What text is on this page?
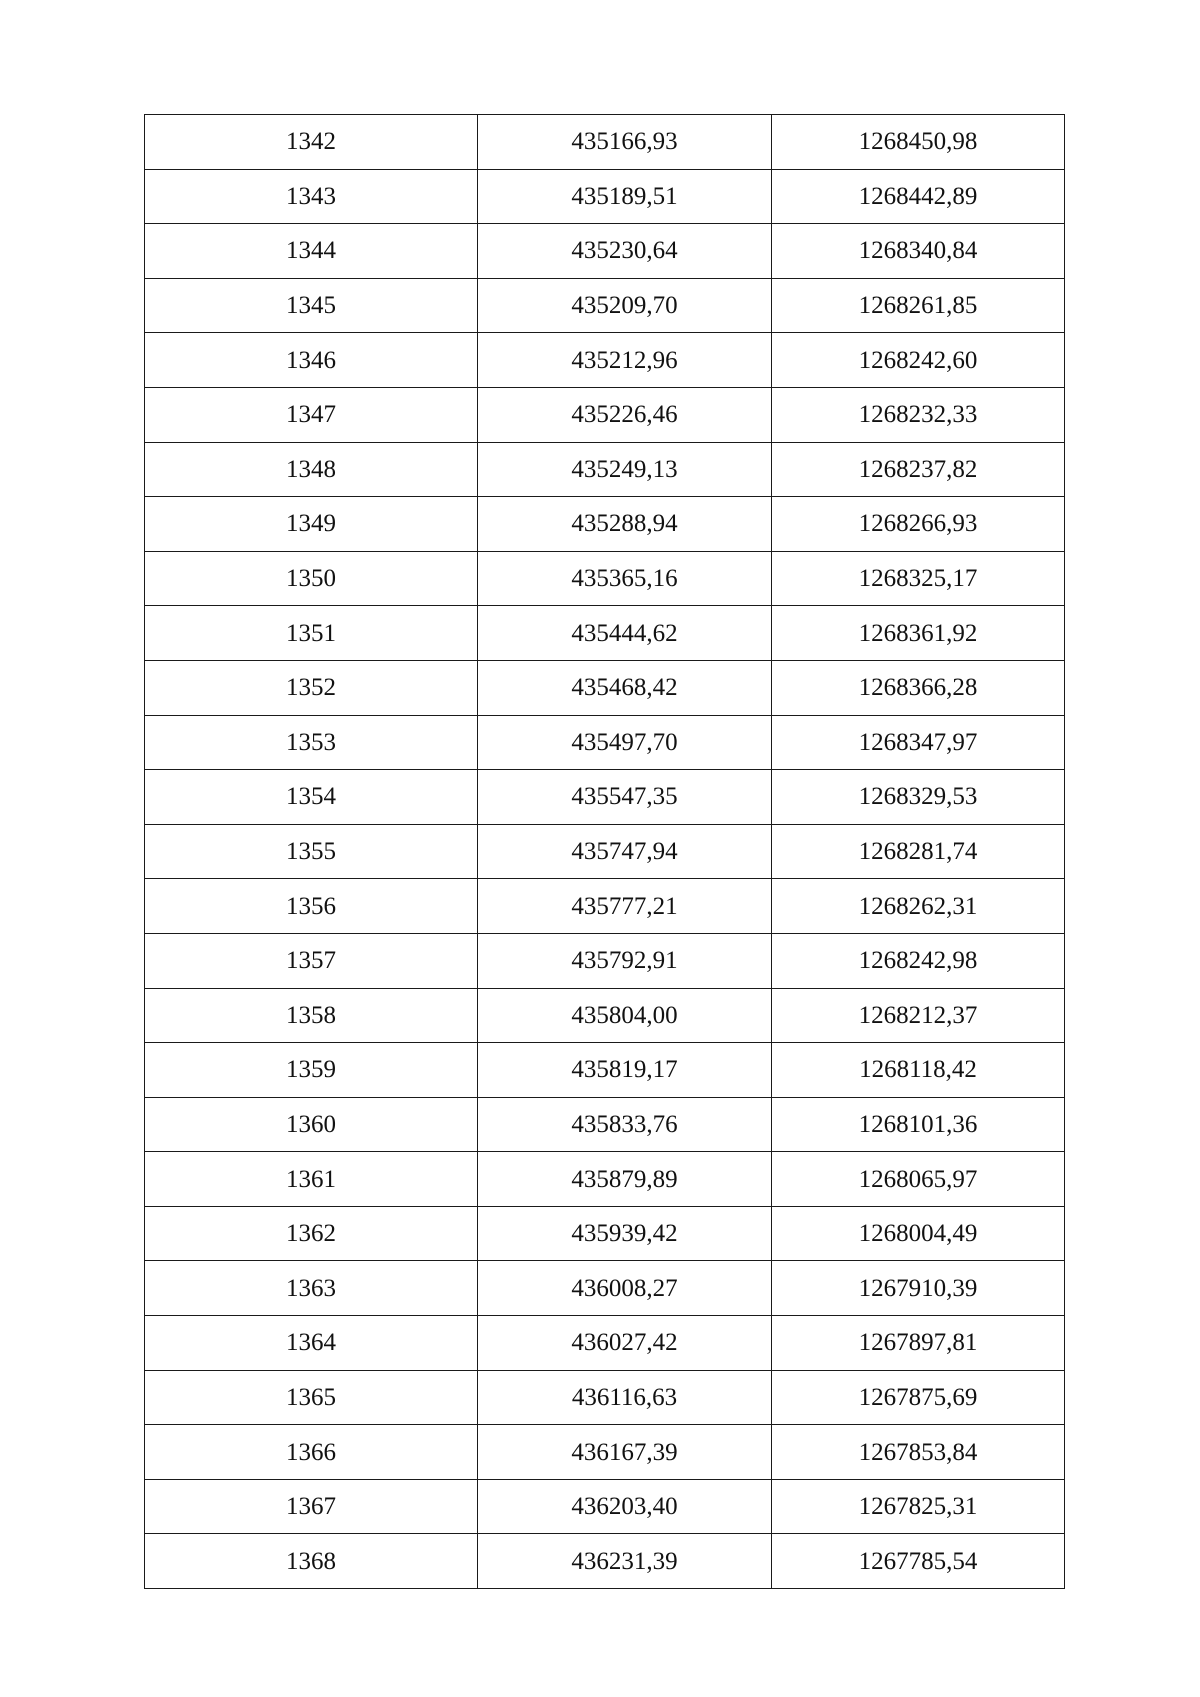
1342	435166,93	1268450,98
1343	435189,51	1268442,89
1344	435230,64	1268340,84
1345	435209,70	1268261,85
1346	435212,96	1268242,60
1347	435226,46	1268232,33
1348	435249,13	1268237,82
1349	435288,94	1268266,93
1350	435365,16	1268325,17
1351	435444,62	1268361,92
1352	435468,42	1268366,28
1353	435497,70	1268347,97
1354	435547,35	1268329,53
1355	435747,94	1268281,74
1356	435777,21	1268262,31
1357	435792,91	1268242,98
1358	435804,00	1268212,37
1359	435819,17	1268118,42
1360	435833,76	1268101,36
1361	435879,89	1268065,97
1362	435939,42	1268004,49
1363	436008,27	1267910,39
1364	436027,42	1267897,81
1365	436116,63	1267875,69
1366	436167,39	1267853,84
1367	436203,40	1267825,31
1368	436231,39	1267785,54
